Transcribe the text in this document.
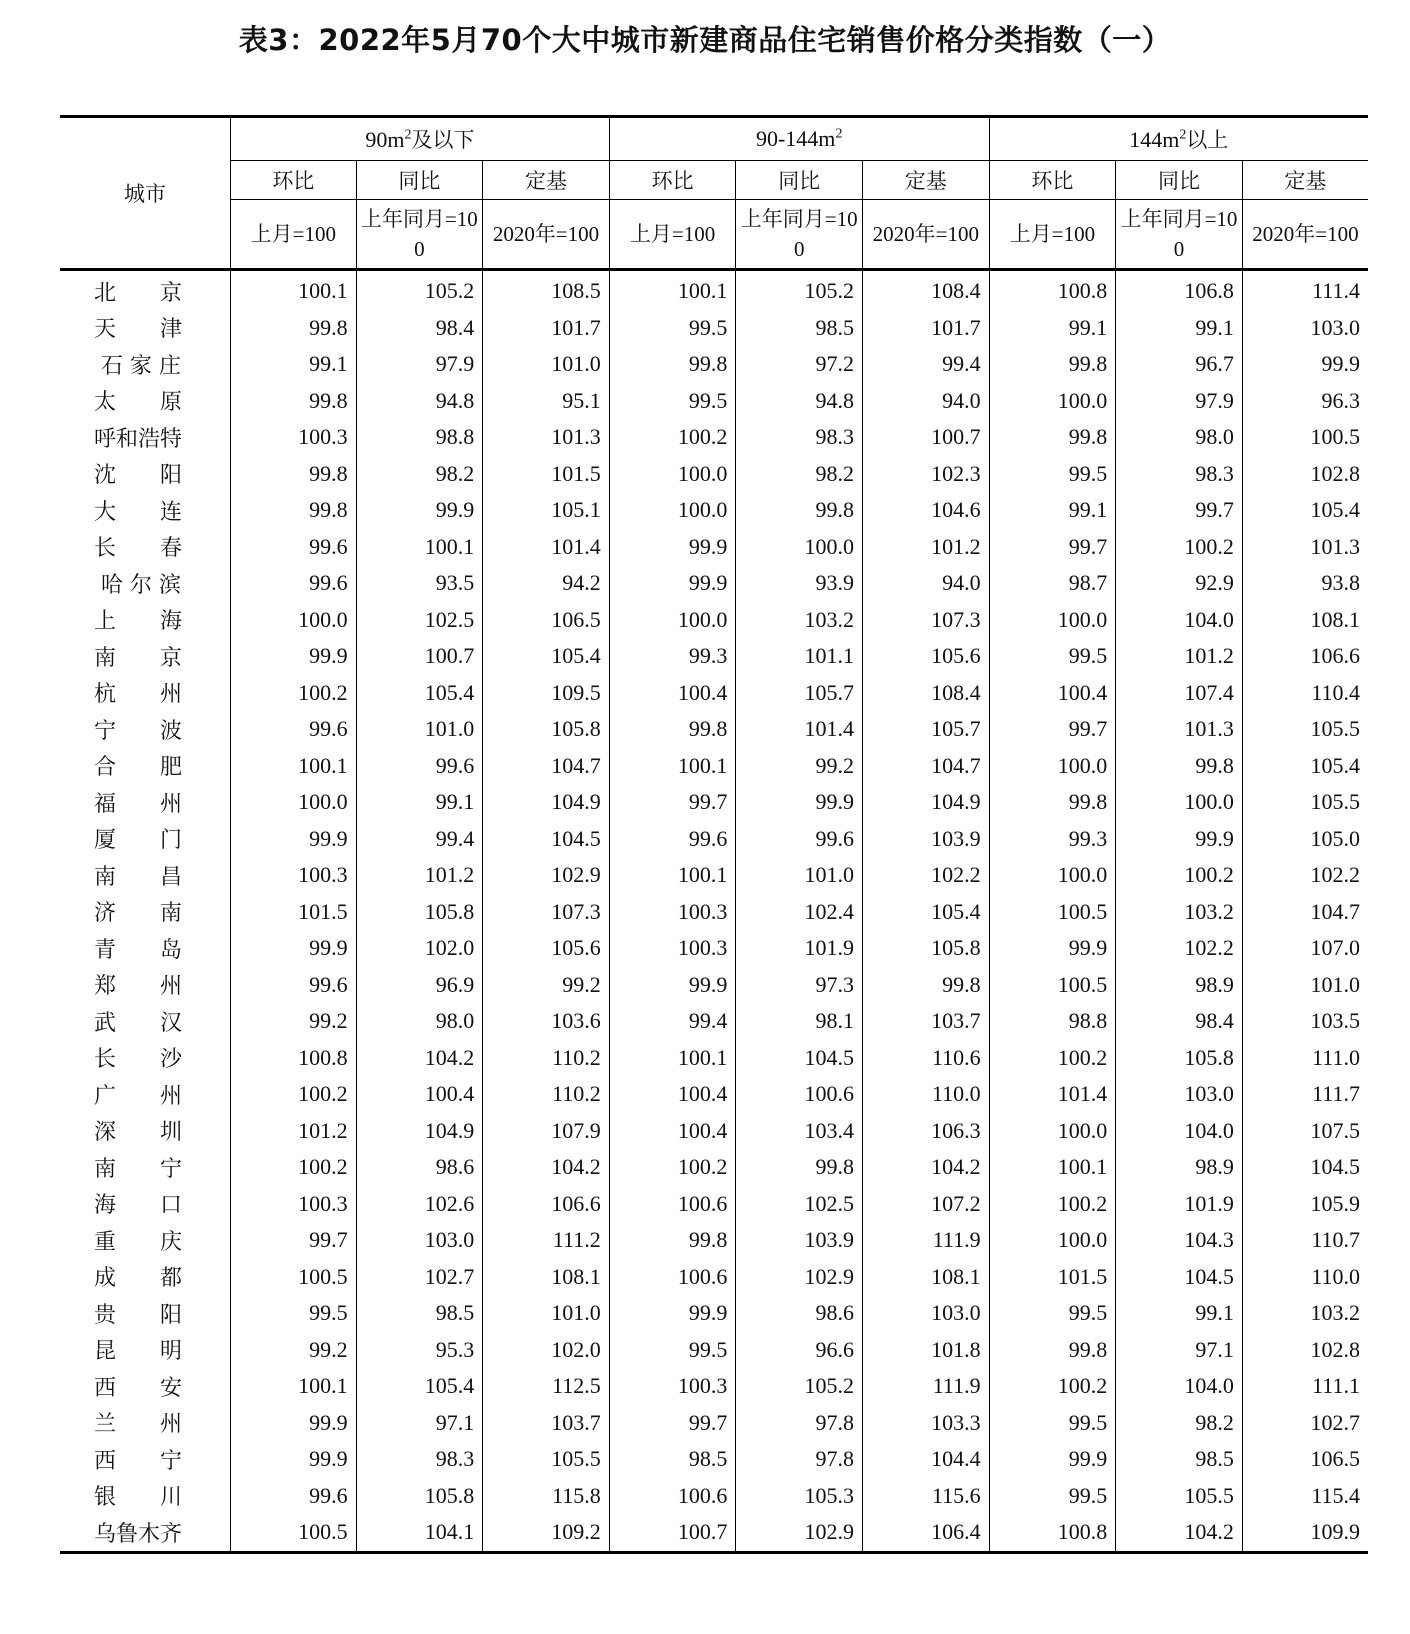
表3：2022年5月70个大中城市新建商品住宅销售价格分类指数（一）
城市	$90m^2$及以下			$90-144m^2$			$144m^2$以上		
	环比	同比	定基	环比	同比	定基	环比	同比	定基
	上月=100	上年同月=100	2020年=100	上月=100	上年同月=100	2020年=100	上月=100	上年同月=100	2020年=100
北　　京	100.1	105.2	108.5	100.1	105.2	108.4	100.8	106.8	111.4
天　　津	99.8	98.4	101.7	99.5	98.5	101.7	99.1	99.1	103.0
石 家 庄	99.1	97.9	101.0	99.8	97.2	99.4	99.8	96.7	99.9
太　　原	99.8	94.8	95.1	99.5	94.8	94.0	100.0	97.9	96.3
呼和浩特	100.3	98.8	101.3	100.2	98.3	100.7	99.8	98.0	100.5
沈　　阳	99.8	98.2	101.5	100.0	98.2	102.3	99.5	98.3	102.8
大　　连	99.8	99.9	105.1	100.0	99.8	104.6	99.1	99.7	105.4
长　　春	99.6	100.1	101.4	99.9	100.0	101.2	99.7	100.2	101.3
哈 尔 滨	99.6	93.5	94.2	99.9	93.9	94.0	98.7	92.9	93.8
上　　海	100.0	102.5	106.5	100.0	103.2	107.3	100.0	104.0	108.1
南　　京	99.9	100.7	105.4	99.3	101.1	105.6	99.5	101.2	106.6
杭　　州	100.2	105.4	109.5	100.4	105.7	108.4	100.4	107.4	110.4
宁　　波	99.6	101.0	105.8	99.8	101.4	105.7	99.7	101.3	105.5
合　　肥	100.1	99.6	104.7	100.1	99.2	104.7	100.0	99.8	105.4
福　　州	100.0	99.1	104.9	99.7	99.9	104.9	99.8	100.0	105.5
厦　　门	99.9	99.4	104.5	99.6	99.6	103.9	99.3	99.9	105.0
南　　昌	100.3	101.2	102.9	100.1	101.0	102.2	100.0	100.2	102.2
济　　南	101.5	105.8	107.3	100.3	102.4	105.4	100.5	103.2	104.7
青　　岛	99.9	102.0	105.6	100.3	101.9	105.8	99.9	102.2	107.0
郑　　州	99.6	96.9	99.2	99.9	97.3	99.8	100.5	98.9	101.0
武　　汉	99.2	98.0	103.6	99.4	98.1	103.7	98.8	98.4	103.5
长　　沙	100.8	104.2	110.2	100.1	104.5	110.6	100.2	105.8	111.0
广　　州	100.2	100.4	110.2	100.4	100.6	110.0	101.4	103.0	111.7
深　　圳	101.2	104.9	107.9	100.4	103.4	106.3	100.0	104.0	107.5
南　　宁	100.2	98.6	104.2	100.2	99.8	104.2	100.1	98.9	104.5
海　　口	100.3	102.6	106.6	100.6	102.5	107.2	100.2	101.9	105.9
重　　庆	99.7	103.0	111.2	99.8	103.9	111.9	100.0	104.3	110.7
成　　都	100.5	102.7	108.1	100.6	102.9	108.1	101.5	104.5	110.0
贵　　阳	99.5	98.5	101.0	99.9	98.6	103.0	99.5	99.1	103.2
昆　　明	99.2	95.3	102.0	99.5	96.6	101.8	99.8	97.1	102.8
西　　安	100.1	105.4	112.5	100.3	105.2	111.9	100.2	104.0	111.1
兰　　州	99.9	97.1	103.7	99.7	97.8	103.3	99.5	98.2	102.7
西　　宁	99.9	98.3	105.5	98.5	97.8	104.4	99.9	98.5	106.5
银　　川	99.6	105.8	115.8	100.6	105.3	115.6	99.5	105.5	115.4
乌鲁木齐	100.5	104.1	109.2	100.7	102.9	106.4	100.8	104.2	109.9
